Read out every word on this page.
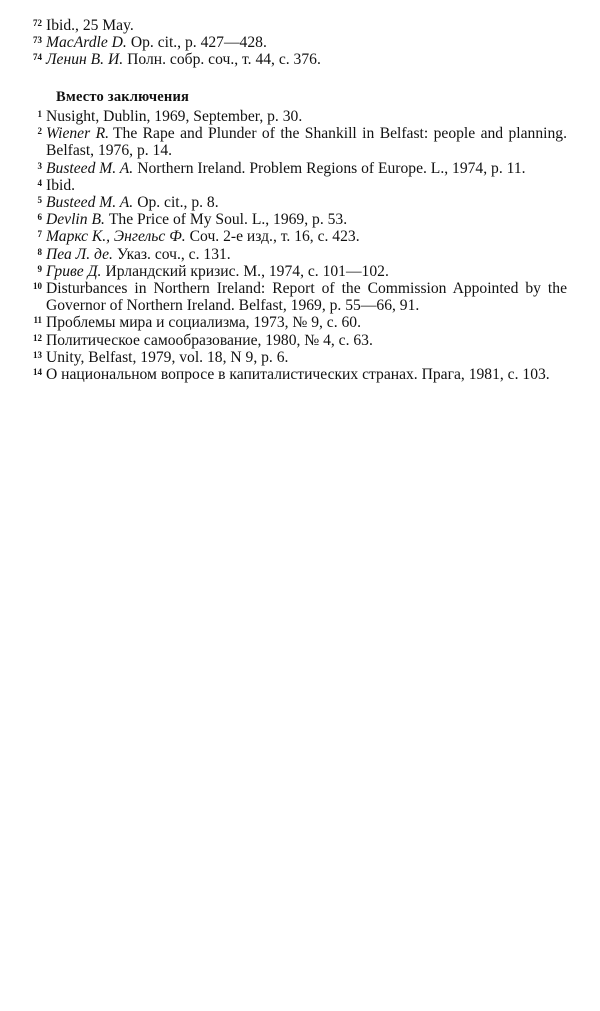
72 Ibid., 25 May.
73 MacArdle D. Op. cit., p. 427—428.
74 Ленин В. И. Полн. собр. соч., т. 44, с. 376.
Вместо заключения
1 Nusight, Dublin, 1969, September, p. 30.
2 Wiener R. The Rape and Plunder of the Shankill in Belfast: people and planning. Belfast, 1976, p. 14.
3 Busteed M. A. Northern Ireland. Problem Regions of Europe. L., 1974, p. 11.
4 Ibid.
5 Busteed M. A. Op. cit., p. 8.
6 Devlin B. The Price of My Soul. L., 1969, p. 53.
7 Маркс К., Энгельс Ф. Соч. 2-е изд., т. 16, с. 423.
8 Пеа Л. де. Указ. соч., с. 131.
9 Гриве Д. Ирландский кризис. М., 1974, с. 101—102.
10 Disturbances in Northern Ireland: Report of the Commission Appointed by the Governor of Northern Ireland. Belfast, 1969, p. 55—66, 91.
11 Проблемы мира и социализма, 1973, № 9, с. 60.
12 Политическое самообразование, 1980, № 4, с. 63.
13 Unity, Belfast, 1979, vol. 18, N 9, p. 6.
14 О национальном вопросе в капиталистических странах. Прага, 1981, с. 103.
